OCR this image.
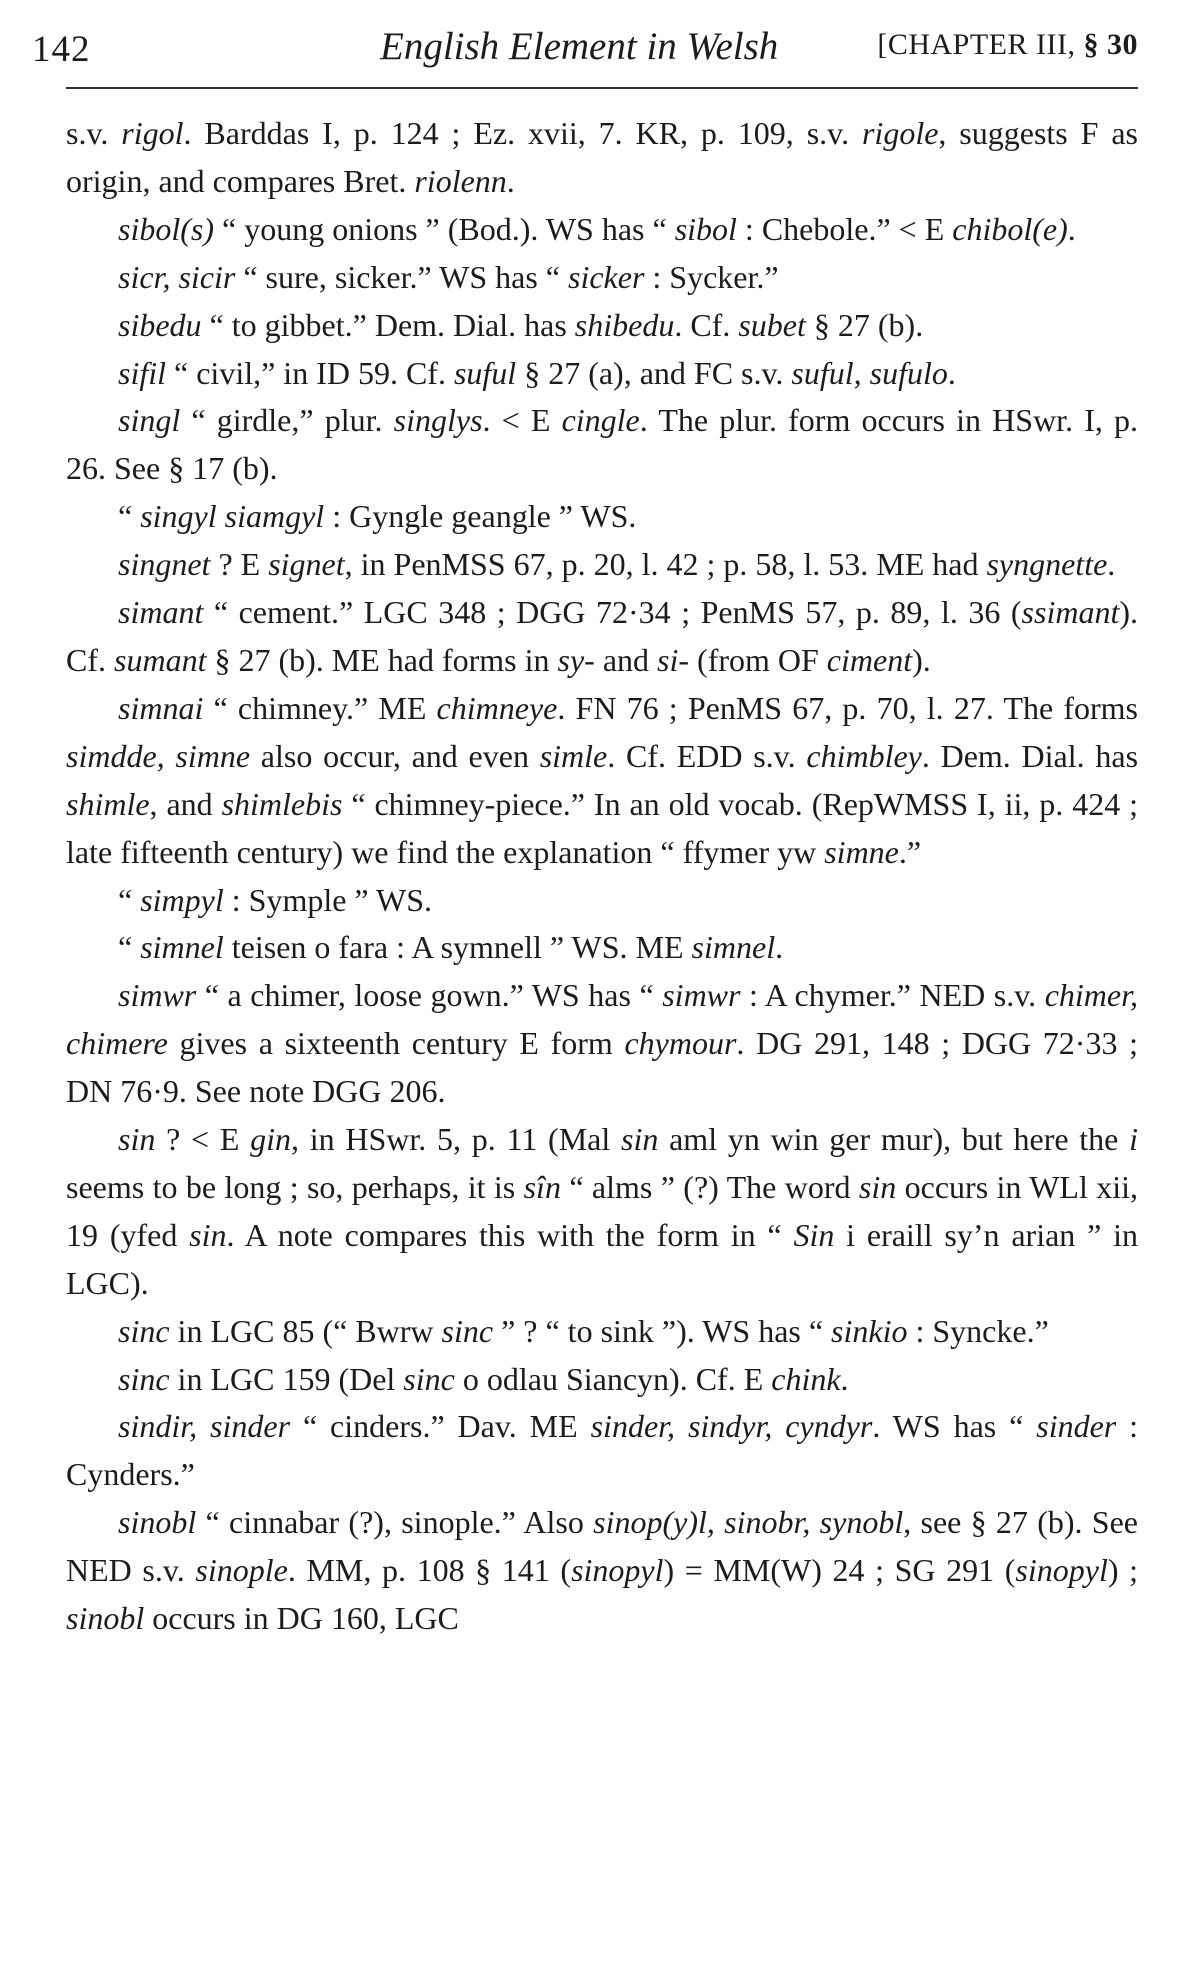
142	English Element in Welsh	[CHAPTER III, § 30

s.v. rigol. Barddas I, p. 124 ; Ez. xvii, 7. KR, p. 109, s.v. rigole, suggests F as origin, and compares Bret. riolenn.

sibol(s) “ young onions ” (Bod.). WS has “ sibol : Chebole.” < E chibol(e).

sicr, sicir “ sure, sicker.” WS has “ sicker : Sycker.”

sibedu “ to gibbet.” Dem. Dial. has shibedu. Cf. subet § 27 (b).

sifil “ civil,” in ID 59. Cf. suful § 27 (a), and FC s.v. suful, sufulo.

singl “ girdle,” plur. singlys. < E cingle. The plur. form occurs in HSwr. I, p. 26. See § 17 (b).

“ singyl siamgyl : Gyngle geangle ” WS.

singnet ? E signet, in PenMSS 67, p. 20, l. 42 ; p. 58, l. 53. ME had syngnette.

simant “ cement.” LGC 348 ; DGG 72·34 ; PenMS 57, p. 89, l. 36 (ssimant). Cf. sumant § 27 (b). ME had forms in sy- and si- (from OF ciment).

simnai “ chimney.” ME chimneye. FN 76 ; PenMS 67, p. 70, l. 27. The forms simdde, simne also occur, and even simle. Cf. EDD s.v. chimbley. Dem. Dial. has shimle, and shimlebis “ chimney-piece.” In an old vocab. (RepWMSS I, ii, p. 424 ; late fifteenth century) we find the explanation “ ffymer yw simne.”

“ simpyl : Symple ” WS.

“ simnel teisen o fara : A symnell ” WS. ME simnel.

simwr “ a chimer, loose gown.” WS has “ simwr : A chymer.” NED s.v. chimer, chimere gives a sixteenth century E form chymour. DG 291, 148 ; DGG 72·33 ; DN 76·9. See note DGG 206.

sin ? < E gin, in HSwr. 5, p. 11 (Mal sin aml yn win ger mur), but here the i seems to be long ; so, perhaps, it is sîn “ alms ” (?) The word sin occurs in WLl xii, 19 (yfed sin. A note compares this with the form in “ Sin i eraill sy’n arian ” in LGC).

sinc in LGC 85 (“ Bwrw sinc ” ? “ to sink ”). WS has “ sinkio : Syncke.”

sinc in LGC 159 (Del sinc o odlau Siancyn). Cf. E chink.

sindir, sinder “ cinders.” Dav. ME sinder, sindyr, cyndyr. WS has “ sinder : Cynders.”

sinobl “ cinnabar (?), sinople.” Also sinop(y)l, sinobr, synobl, see § 27 (b). See NED s.v. sinople. MM, p. 108 § 141 (sinopyl) = MM(W) 24 ; SG 291 (sinopyl) ; sinobl occurs in DG 160, LGC
